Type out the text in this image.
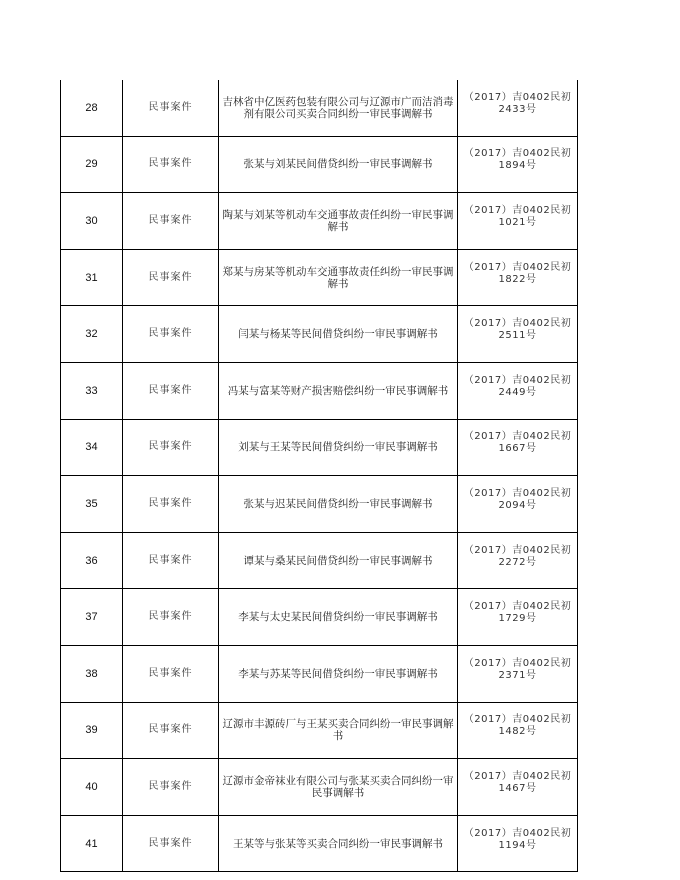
28	民事案件	吉林省中亿医药包装有限公司与辽源市广而洁消毒剂有限公司买卖合同纠纷一审民事调解书	（2017）吉0402民初2433号
29	民事案件	张某与刘某民间借贷纠纷一审民事调解书	（2017）吉0402民初1894号
30	民事案件	陶某与刘某等机动车交通事故责任纠纷一审民事调解书	（2017）吉0402民初1021号
31	民事案件	郑某与房某等机动车交通事故责任纠纷一审民事调解书	（2017）吉0402民初1822号
32	民事案件	闫某与杨某等民间借贷纠纷一审民事调解书	（2017）吉0402民初2511号
33	民事案件	冯某与富某等财产损害赔偿纠纷一审民事调解书	（2017）吉0402民初2449号
34	民事案件	刘某与王某等民间借贷纠纷一审民事调解书	（2017）吉0402民初1667号
35	民事案件	张某与迟某民间借贷纠纷一审民事调解书	（2017）吉0402民初2094号
36	民事案件	谭某与桑某民间借贷纠纷一审民事调解书	（2017）吉0402民初2272号
37	民事案件	李某与太史某民间借贷纠纷一审民事调解书	（2017）吉0402民初1729号
38	民事案件	李某与苏某等民间借贷纠纷一审民事调解书	（2017）吉0402民初2371号
39	民事案件	辽源市丰源砖厂与王某买卖合同纠纷一审民事调解书	（2017）吉0402民初1482号
40	民事案件	辽源市金帝袜业有限公司与张某买卖合同纠纷一审民事调解书	（2017）吉0402民初1467号
41	民事案件	王某等与张某等买卖合同纠纷一审民事调解书	（2017）吉0402民初1194号
